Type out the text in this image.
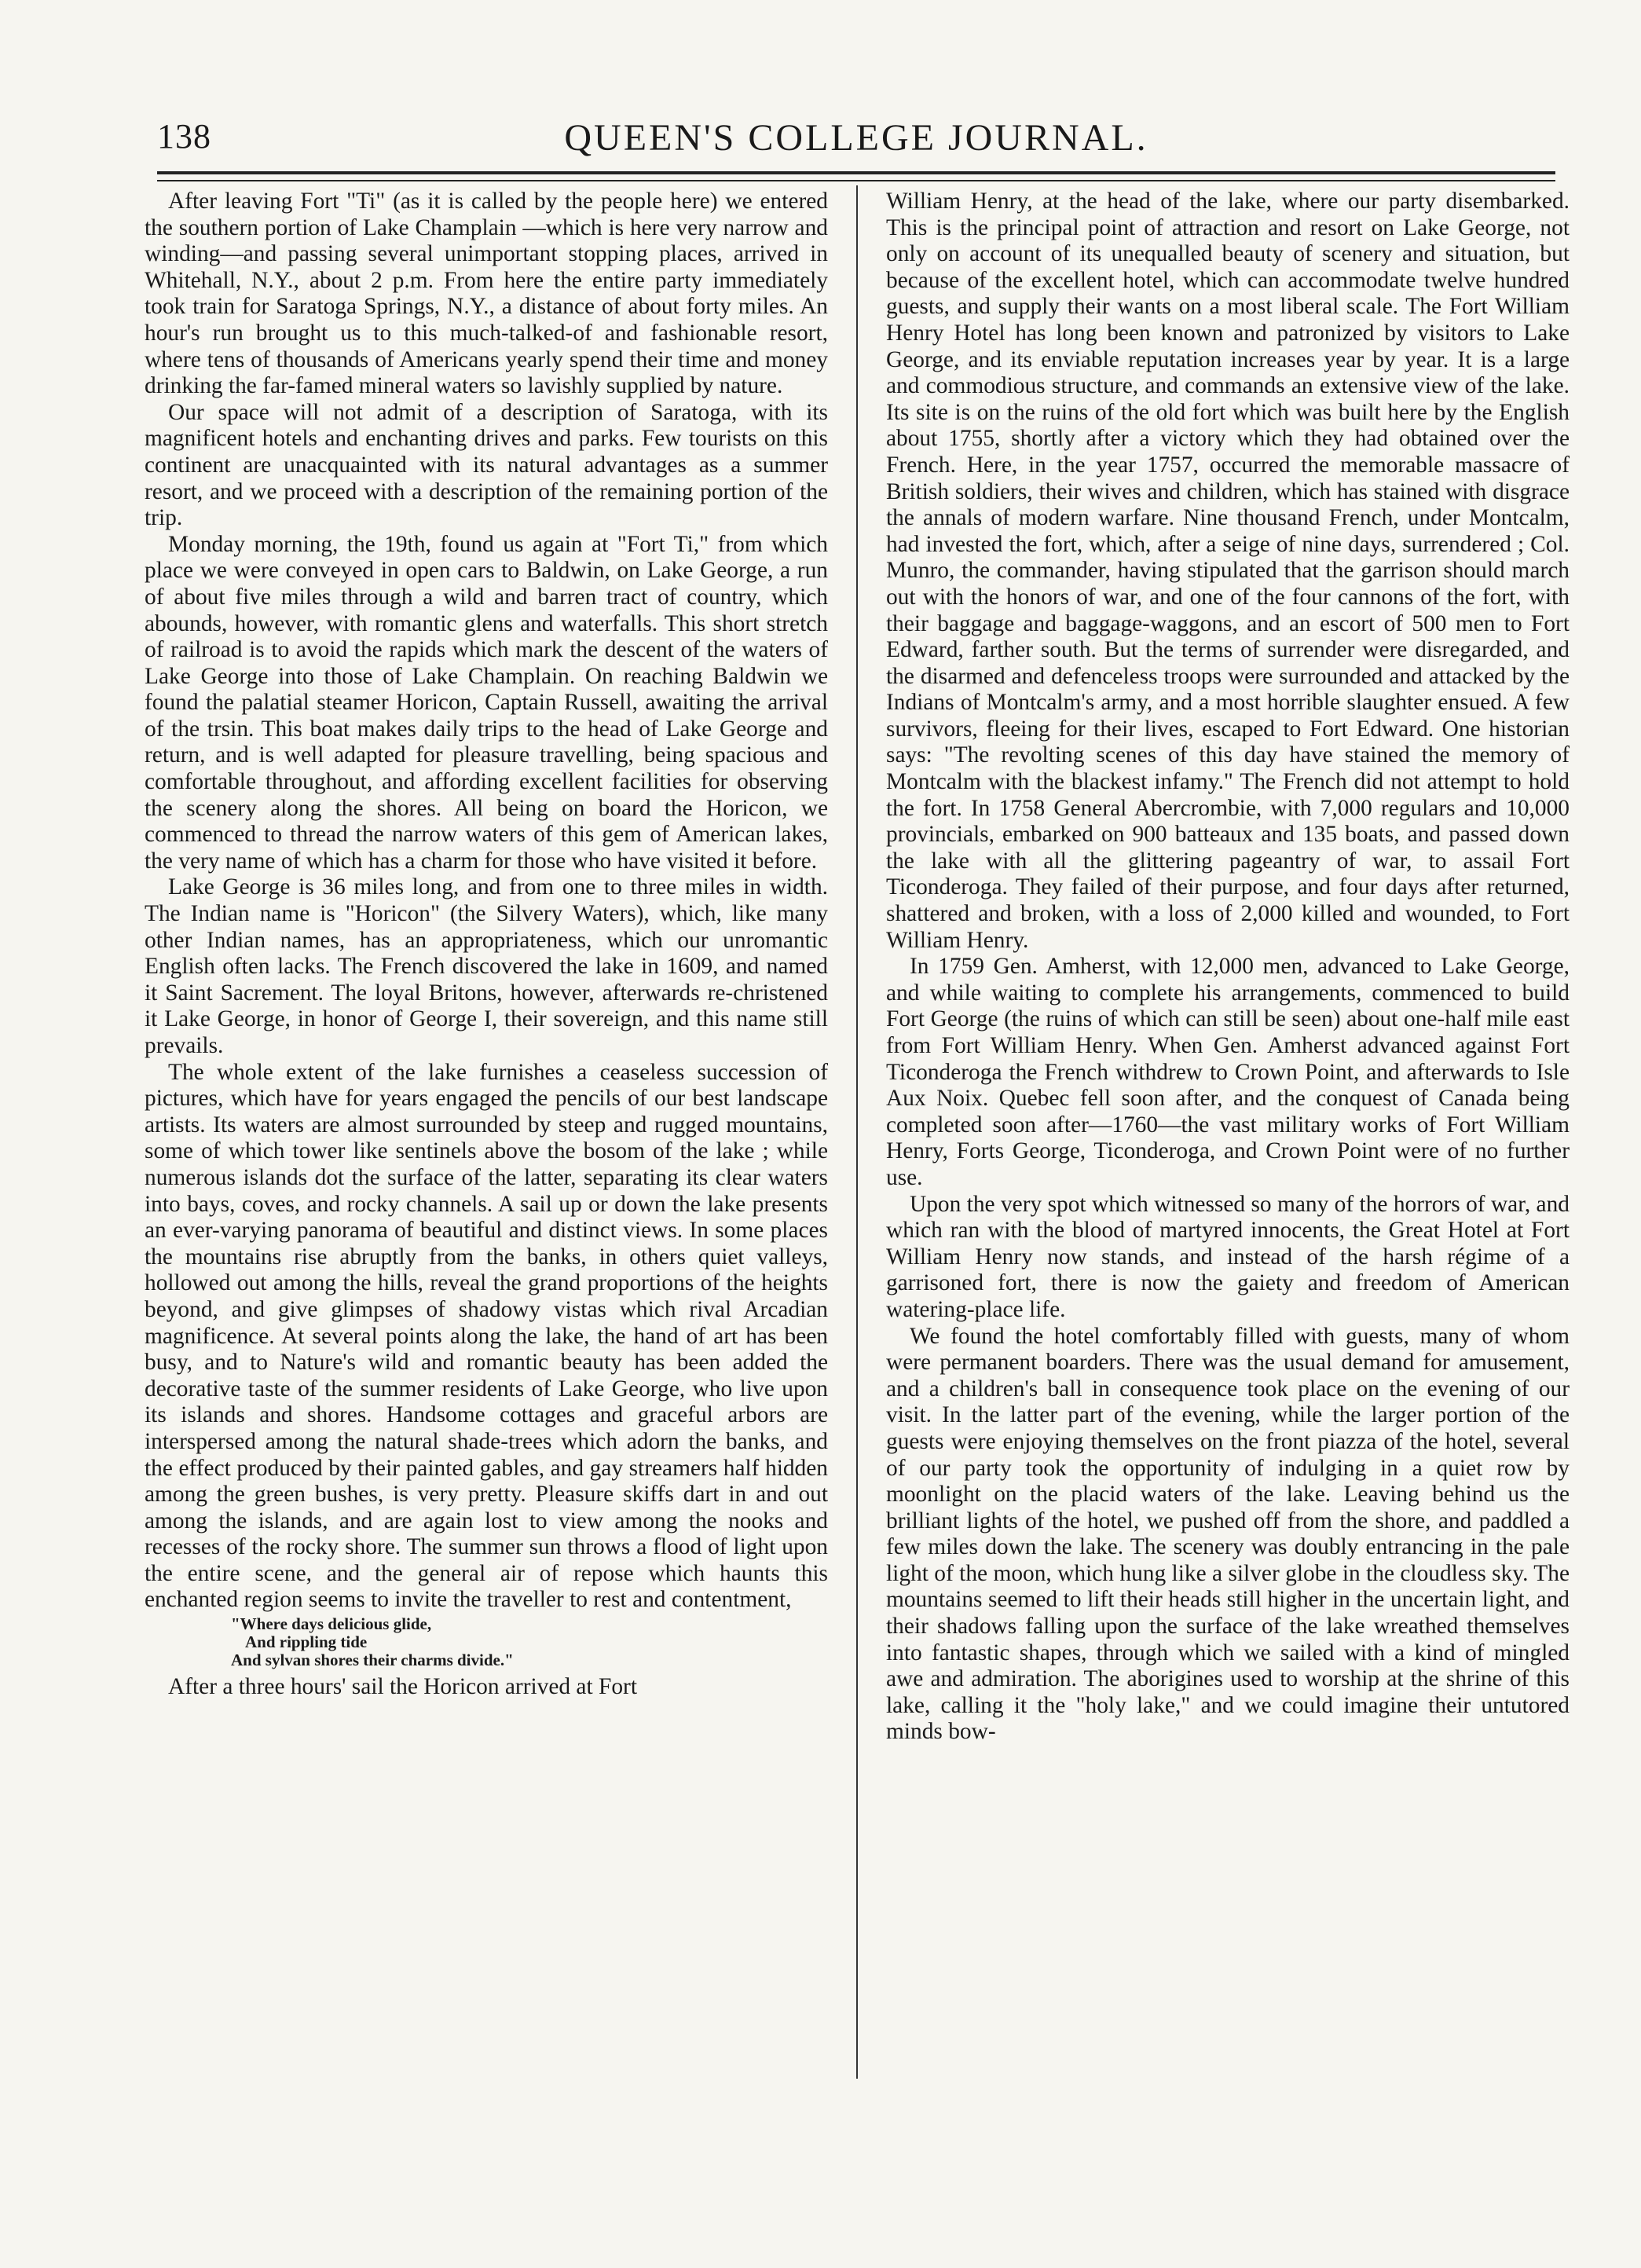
138	QUEEN'S COLLEGE JOURNAL.

After leaving Fort "Ti" (as it is called by the people here) we entered the southern portion of Lake Champlain —which is here very narrow and winding—and passing several unimportant stopping places, arrived in Whitehall, N.Y., about 2 p.m. From here the entire party immediately took train for Saratoga Springs, N.Y., a distance of about forty miles. An hour's run brought us to this much-talked-of and fashionable resort, where tens of thousands of Americans yearly spend their time and money drinking the far-famed mineral waters so lavishly supplied by nature.

Our space will not admit of a description of Saratoga, with its magnificent hotels and enchanting drives and parks. Few tourists on this continent are unacquainted with its natural advantages as a summer resort, and we proceed with a description of the remaining portion of the trip.

Monday morning, the 19th, found us again at "Fort Ti," from which place we were conveyed in open cars to Baldwin, on Lake George, a run of about five miles through a wild and barren tract of country, which abounds, however, with romantic glens and waterfalls. This short stretch of railroad is to avoid the rapids which mark the descent of the waters of Lake George into those of Lake Champlain. On reaching Baldwin we found the palatial steamer Horicon, Captain Russell, awaiting the arrival of the trsin. This boat makes daily trips to the head of Lake George and return, and is well adapted for pleasure travelling, being spacious and comfortable throughout, and affording excellent facilities for observing the scenery along the shores. All being on board the Horicon, we commenced to thread the narrow waters of this gem of American lakes, the very name of which has a charm for those who have visited it before.

Lake George is 36 miles long, and from one to three miles in width. The Indian name is "Horicon" (the Silvery Waters), which, like many other Indian names, has an appropriateness, which our unromantic English often lacks. The French discovered the lake in 1609, and named it Saint Sacrement. The loyal Britons, however, afterwards re-christened it Lake George, in honor of George I, their sovereign, and this name still prevails.

The whole extent of the lake furnishes a ceaseless succession of pictures, which have for years engaged the pencils of our best landscape artists. Its waters are almost surrounded by steep and rugged mountains, some of which tower like sentinels above the bosom of the lake ; while numerous islands dot the surface of the latter, separating its clear waters into bays, coves, and rocky channels. A sail up or down the lake presents an ever-varying panorama of beautiful and distinct views. In some places the mountains rise abruptly from the banks, in others quiet valleys, hollowed out among the hills, reveal the grand proportions of the heights beyond, and give glimpses of shadowy vistas which rival Arcadian magnificence. At several points along the lake, the hand of art has been busy, and to Nature's wild and romantic beauty has been added the decorative taste of the summer residents of Lake George, who live upon its islands and shores. Handsome cottages and graceful arbors are interspersed among the natural shade-trees which adorn the banks, and the effect produced by their painted gables, and gay streamers half hidden among the green bushes, is very pretty. Pleasure skiffs dart in and out among the islands, and are again lost to view among the nooks and recesses of the rocky shore. The summer sun throws a flood of light upon the entire scene, and the general air of repose which haunts this enchanted region seems to invite the traveller to rest and contentment,

"Where days delicious glide,
And rippling tide
And sylvan shores their charms divide."

After a three hours' sail the Horicon arrived at Fort

William Henry, at the head of the lake, where our party disembarked. This is the principal point of attraction and resort on Lake George, not only on account of its unequalled beauty of scenery and situation, but because of the excellent hotel, which can accommodate twelve hundred guests, and supply their wants on a most liberal scale. The Fort William Henry Hotel has long been known and patronized by visitors to Lake George, and its enviable reputation increases year by year. It is a large and commodious structure, and commands an extensive view of the lake. Its site is on the ruins of the old fort which was built here by the English about 1755, shortly after a victory which they had obtained over the French. Here, in the year 1757, occurred the memorable massacre of British soldiers, their wives and children, which has stained with disgrace the annals of modern warfare. Nine thousand French, under Montcalm, had invested the fort, which, after a seige of nine days, surrendered ; Col. Munro, the commander, having stipulated that the garrison should march out with the honors of war, and one of the four cannons of the fort, with their baggage and baggage-waggons, and an escort of 500 men to Fort Edward, farther south. But the terms of surrender were disregarded, and the disarmed and defenceless troops were surrounded and attacked by the Indians of Montcalm's army, and a most horrible slaughter ensued. A few survivors, fleeing for their lives, escaped to Fort Edward. One historian says: "The revolting scenes of this day have stained the memory of Montcalm with the blackest infamy." The French did not attempt to hold the fort. In 1758 General Abercrombie, with 7,000 regulars and 10,000 provincials, embarked on 900 batteaux and 135 boats, and passed down the lake with all the glittering pageantry of war, to assail Fort Ticonderoga. They failed of their purpose, and four days after returned, shattered and broken, with a loss of 2,000 killed and wounded, to Fort William Henry.

In 1759 Gen. Amherst, with 12,000 men, advanced to Lake George, and while waiting to complete his arrangements, commenced to build Fort George (the ruins of which can still be seen) about one-half mile east from Fort William Henry. When Gen. Amherst advanced against Fort Ticonderoga the French withdrew to Crown Point, and afterwards to Isle Aux Noix. Quebec fell soon after, and the conquest of Canada being completed soon after—1760—the vast military works of Fort William Henry, Forts George, Ticonderoga, and Crown Point were of no further use.

Upon the very spot which witnessed so many of the horrors of war, and which ran with the blood of martyred innocents, the Great Hotel at Fort William Henry now stands, and instead of the harsh régime of a garrisoned fort, there is now the gaiety and freedom of American watering-place life.

We found the hotel comfortably filled with guests, many of whom were permanent boarders. There was the usual demand for amusement, and a children's ball in consequence took place on the evening of our visit. In the latter part of the evening, while the larger portion of the guests were enjoying themselves on the front piazza of the hotel, several of our party took the opportunity of indulging in a quiet row by moonlight on the placid waters of the lake. Leaving behind us the brilliant lights of the hotel, we pushed off from the shore, and paddled a few miles down the lake. The scenery was doubly entrancing in the pale light of the moon, which hung like a silver globe in the cloudless sky. The mountains seemed to lift their heads still higher in the uncertain light, and their shadows falling upon the surface of the lake wreathed themselves into fantastic shapes, through which we sailed with a kind of mingled awe and admiration. The aborigines used to worship at the shrine of this lake, calling it the "holy lake," and we could imagine their untutored minds bow-
